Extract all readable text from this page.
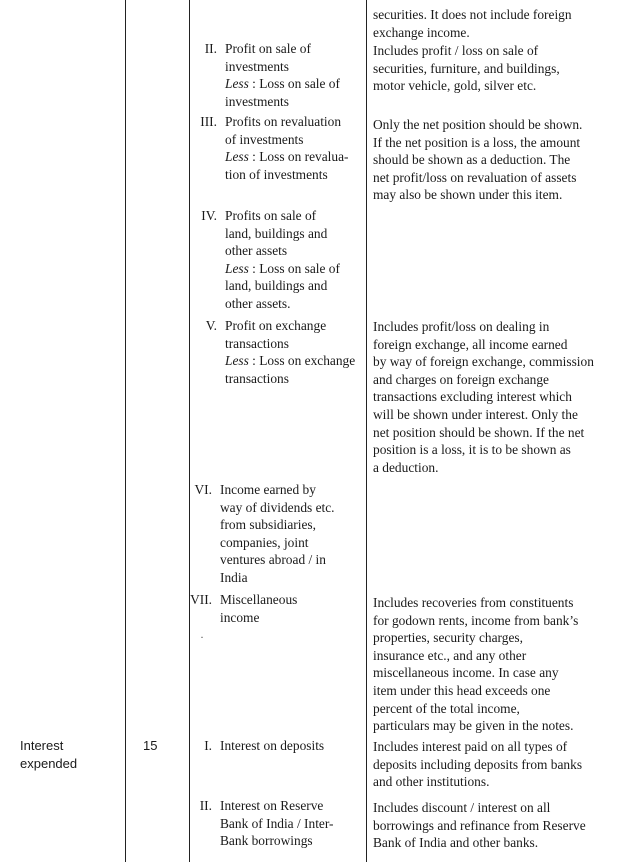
securities. It does not include foreign
exchange income.
II. Profit on sale of
investments
Less : Loss on sale of
investments
Includes profit / loss on sale of
securities, furniture, and buildings,
motor vehicle, gold, silver etc.
III. Profits on revaluation
of investments
Less : Loss on revalua-
tion of investments
Only the net position should be shown.
If the net position is a loss, the amount
should be shown as a deduction. The
net profit/loss on revaluation of assets
may also be shown under this item.
IV. Profits on sale of
land, buildings and
other assets
Less : Loss on sale of
land, buildings and
other assets.
V. Profit on exchange
transactions
Less : Loss on exchange
transactions
Includes profit/loss on dealing in
foreign exchange, all income earned
by way of foreign exchange, commission
and charges on foreign exchange
transactions excluding interest which
will be shown under interest. Only the
net position should be shown. If the net
position is a loss, it is to be shown as
a deduction.
VI. Income earned by
way of dividends etc.
from subsidiaries,
companies, joint
ventures abroad / in
India
VII. Miscellaneous
income
·
Includes recoveries from constituents
for godown rents, income from bank’s
properties, security charges,
insurance etc., and any other
miscellaneous income. In case any
item under this head exceeds one
percent of the total income,
particulars may be given in the notes.
Interest
expended
15	I. Interest on deposits	Includes interest paid on all types of
deposits including deposits from banks
and other institutions.
II. Interest on Reserve
Bank of India / Inter-
Bank borrowings
Includes discount / interest on all
borrowings and refinance from Reserve
Bank of India and other banks.
